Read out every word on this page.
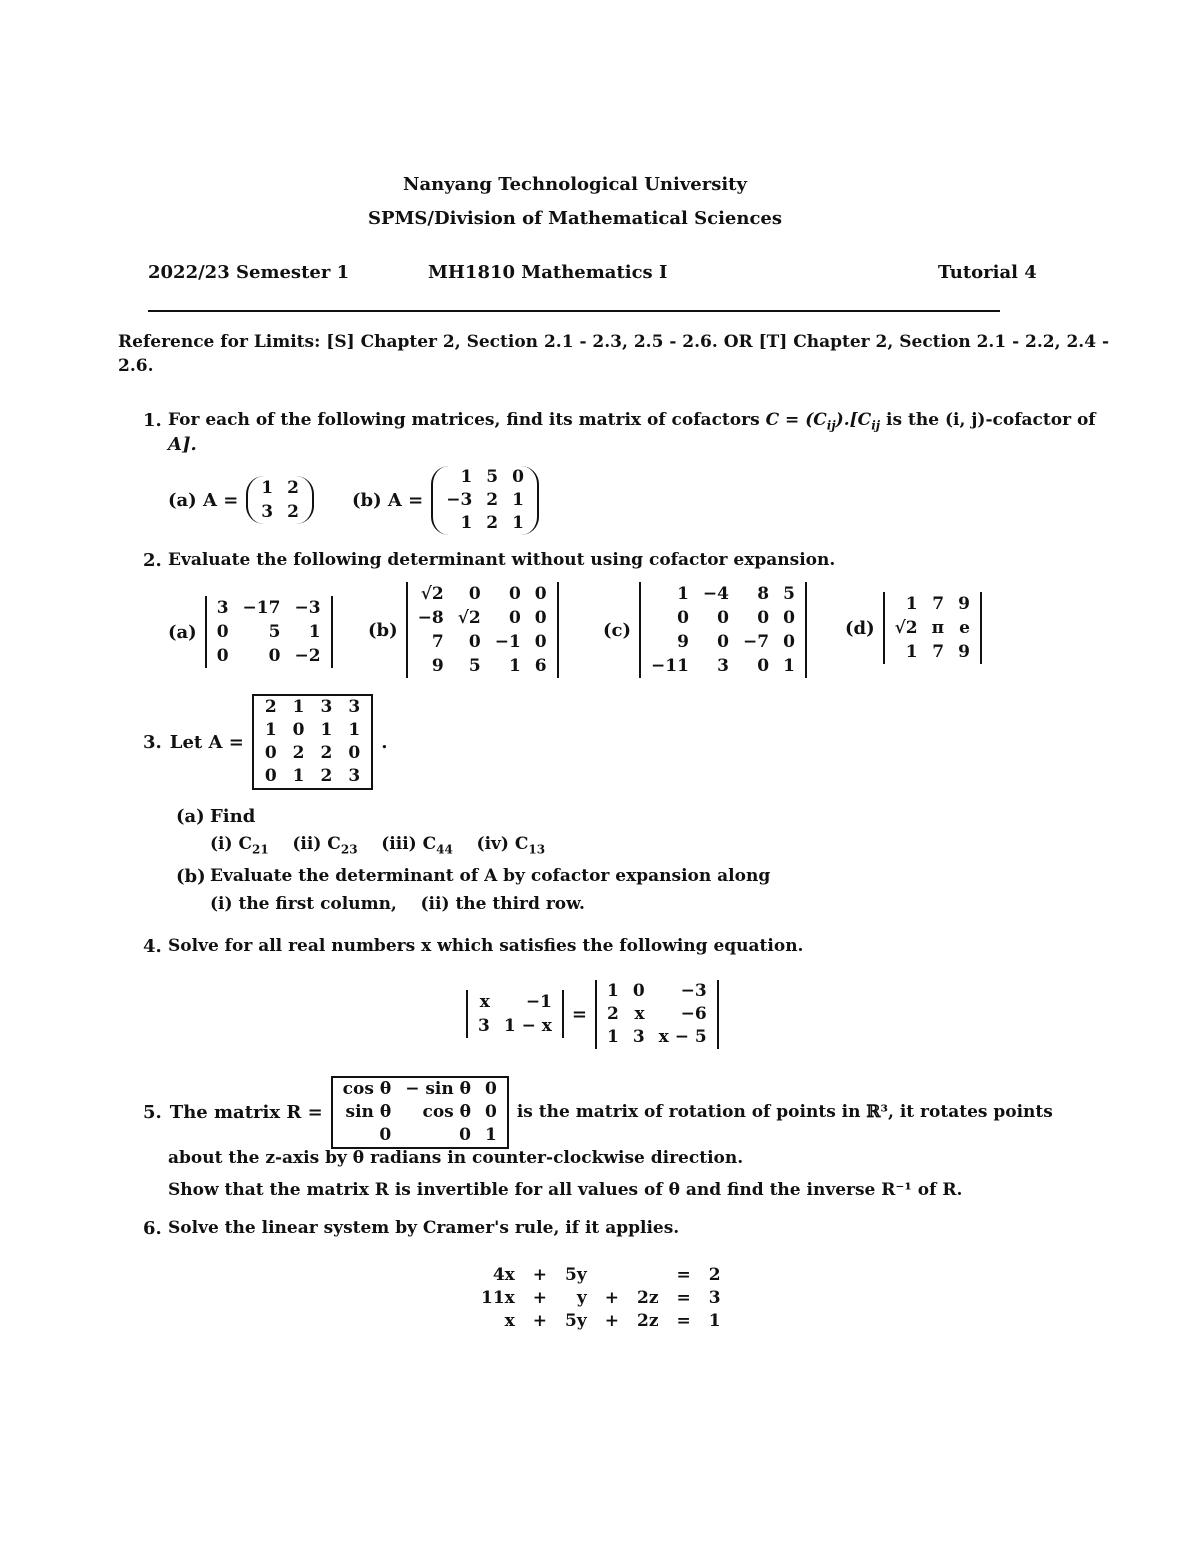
Nanyang Technological University
SPMS/Division of Mathematical Sciences
2022/23 Semester 1	MH1810 Mathematics I	Tutorial 4
Reference for Limits: [S] Chapter 2, Section 2.1 - 2.3, 2.5 - 2.6. OR [T] Chapter 2, Section 2.1 - 2.2, 2.4 -
2.6.
1. For each of the following matrices, find its matrix of cofactors $C = (C_{ij}).[C_{ij}$ is the (i, j)-cofactor of
A].
(a) A =
1	2
3	2
(b) A =
1	5	0
−3	2	1
1	2	1
2. Evaluate the following determinant without using cofactor expansion.
(a)
3	−17	−3
0	5	1
0	0	−2
(b)
√2	0	0	0
−8	√2	0	0
7	0	−1	0
9	5	1	6
(c)
1	−4	8	5
0	0	0	0
9	0	−7	0
−11	3	0	1
(d)
1	7	9
√2	π	e
1	7	9
3. Let A =
2	1	3	3
1	0	1	1
0	2	2	0
0	1	2	3
.
(a) Find
(i) $C_{21}$ (ii) $C_{23}$ (iii) $C_{44}$ (iv) $C_{13}$
(b) Evaluate the determinant of A by cofactor expansion along
(i) the first column,    (ii) the third row.
4. Solve for all real numbers x which satisfies the following equation.
x	−1
3	1 − x
=
1	0	−3
2	x	−6
1	3	x − 5
5. The matrix R =
cos θ	− sin θ	0
sin θ	cos θ	0
0	0	1
is the matrix of rotation of points in ℝ³, it rotates points
about the z-axis by θ radians in counter-clockwise direction.
Show that the matrix R is invertible for all values of θ and find the inverse R⁻¹ of R.
6. Solve the linear system by Cramer's rule, if it applies.
4x	+	5y			=	2
11x	+	y	+	2z	=	3
x	+	5y	+	2z	=	1
